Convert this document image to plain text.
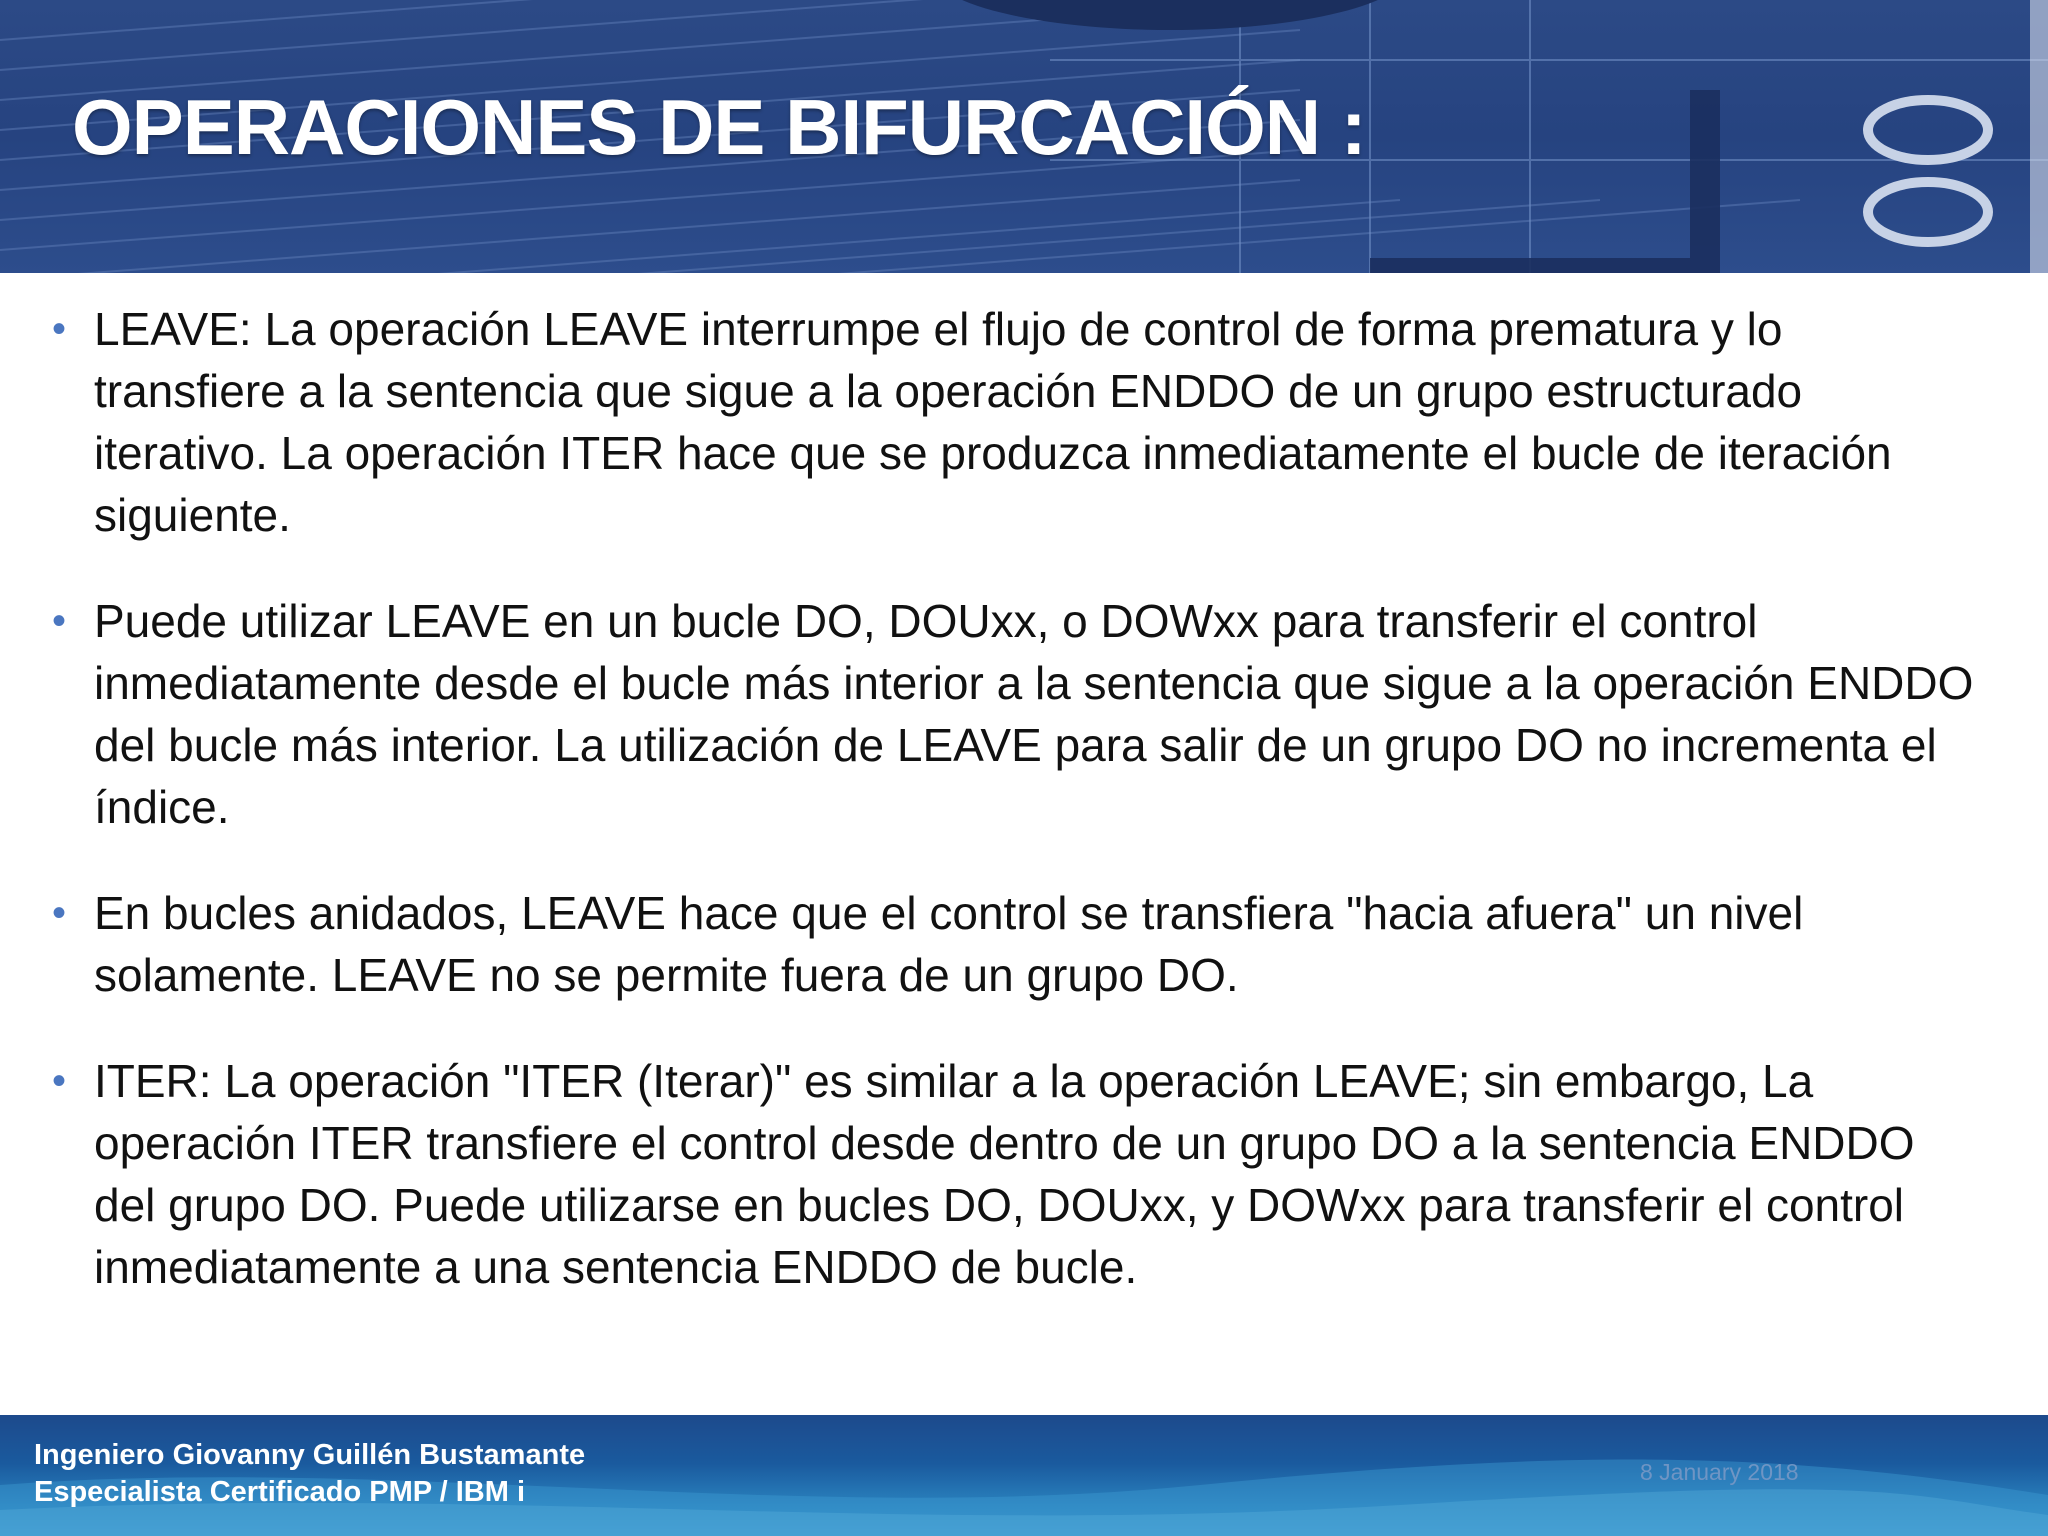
OPERACIONES DE BIFURCACIÓN :
• LEAVE: La operación LEAVE interrumpe el flujo de control de forma prematura y lo transfiere a la sentencia que sigue a la operación ENDDO de un grupo estructurado iterativo. La operación ITER hace que se produzca inmediatamente el bucle de iteración siguiente.
• Puede utilizar LEAVE en un bucle DO, DOUxx, o DOWxx para transferir el control inmediatamente desde el bucle más interior a la sentencia que sigue a la operación ENDDO del bucle más interior. La utilización de LEAVE para salir de un grupo DO no incrementa el índice.
• En bucles anidados, LEAVE hace que el control se transfiera "hacia afuera" un nivel solamente. LEAVE no se permite fuera de un grupo DO.
• ITER: La operación "ITER (Iterar)" es similar a la operación LEAVE; sin embargo, La operación ITER transfiere el control desde dentro de un grupo DO a la sentencia ENDDO del grupo DO. Puede utilizarse en bucles DO, DOUxx, y DOWxx para transferir el control inmediatamente a una sentencia ENDDO de bucle.
Ingeniero Giovanny Guillén Bustamante
Especialista Certificado PMP / IBM i
8 January 2018
